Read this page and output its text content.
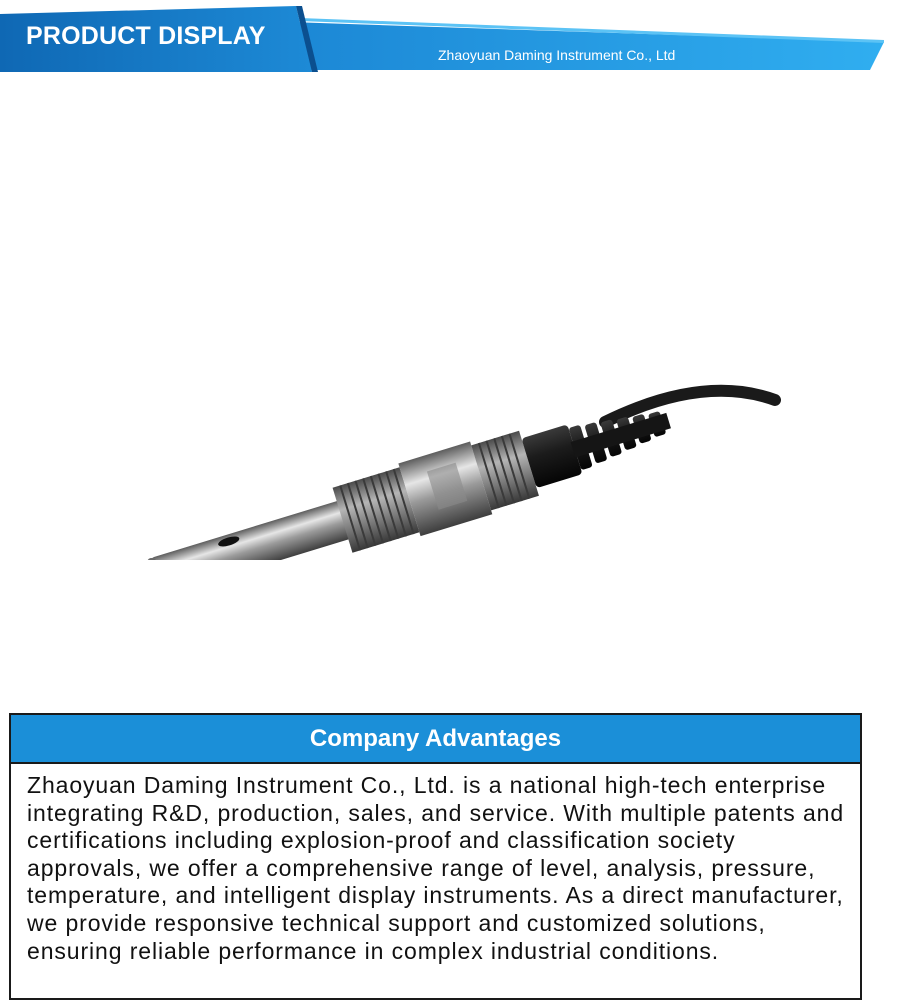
PRODUCT DISPLAY
Zhaoyuan Daming Instrument Co., Ltd
Company Advantages
Zhaoyuan Daming Instrument Co., Ltd. is a national high-tech enterprise integrating R&D, production, sales, and service. With multiple patents and certifications including explosion-proof and classification society approvals, we offer a comprehensive range of level, analysis, pressure, temperature, and intelligent display instruments. As a direct manufacturer, we provide responsive technical support and customized solutions, ensuring reliable performance in complex industrial conditions.
